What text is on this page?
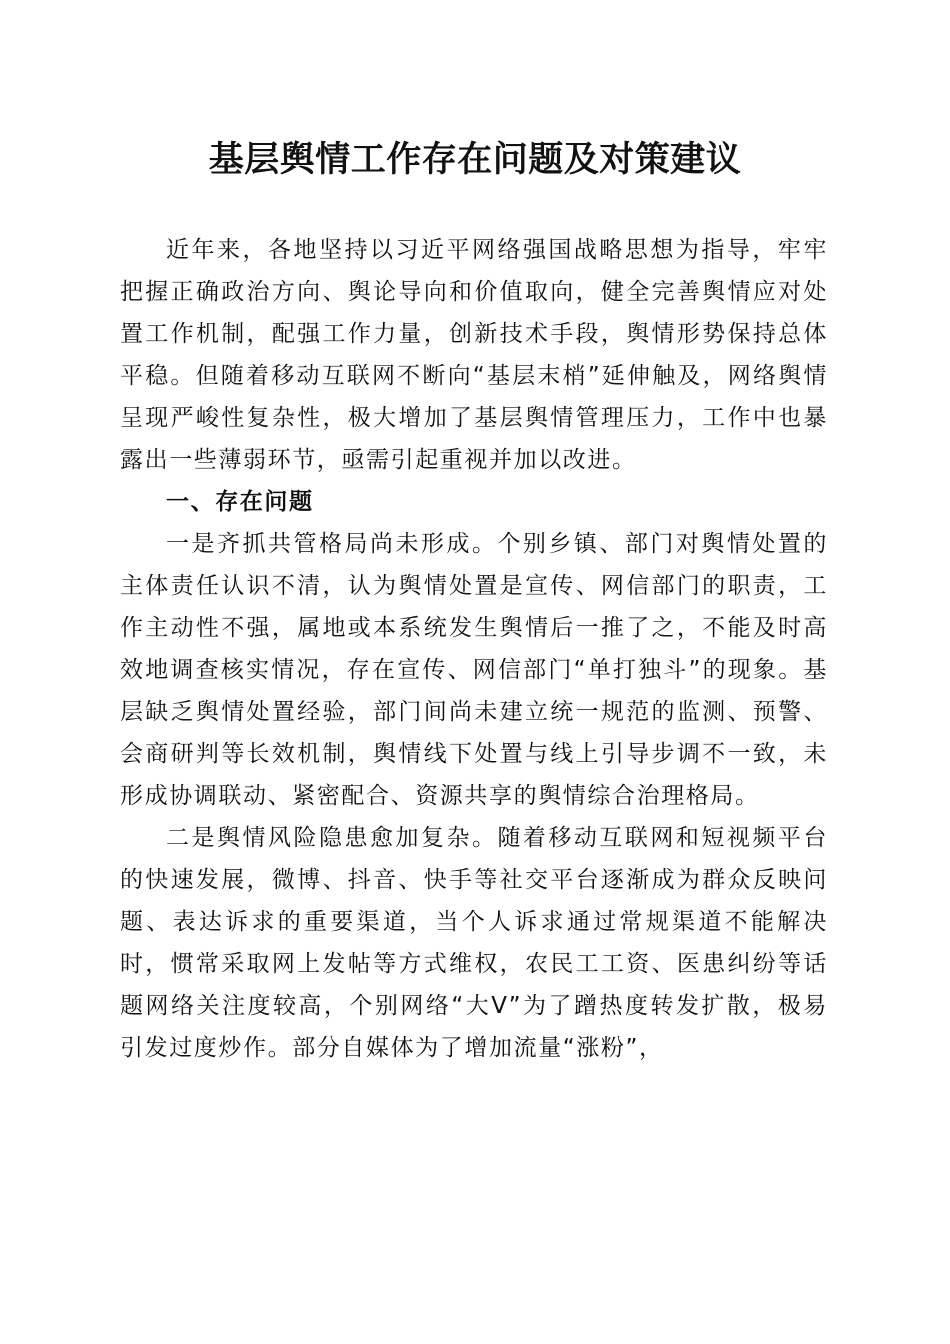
基层舆情工作存在问题及对策建议

近年来，各地坚持以习近平网络强国战略思想为指导，牢牢把握正确政治方向、舆论导向和价值取向，健全完善舆情应对处置工作机制，配强工作力量，创新技术手段，舆情形势保持总体平稳。但随着移动互联网不断向“基层末梢”延伸触及，网络舆情呈现严峻性复杂性，极大增加了基层舆情管理压力，工作中也暴露出一些薄弱环节，亟需引起重视并加以改进。

一、存在问题

一是齐抓共管格局尚未形成。个别乡镇、部门对舆情处置的主体责任认识不清，认为舆情处置是宣传、网信部门的职责，工作主动性不强，属地或本系统发生舆情后一推了之，不能及时高效地调查核实情况，存在宣传、网信部门“单打独斗”的现象。基层缺乏舆情处置经验，部门间尚未建立统一规范的监测、预警、会商研判等长效机制，舆情线下处置与线上引导步调不一致，未形成协调联动、紧密配合、资源共享的舆情综合治理格局。

二是舆情风险隐患愈加复杂。随着移动互联网和短视频平台的快速发展，微博、抖音、快手等社交平台逐渐成为群众反映问题、表达诉求的重要渠道，当个人诉求通过常规渠道不能解决时，惯常采取网上发帖等方式维权，农民工工资、医患纠纷等话题网络关注度较高，个别网络“大V”为了蹭热度转发扩散，极易引发过度炒作。部分自媒体为了增加流量“涨粉”，
